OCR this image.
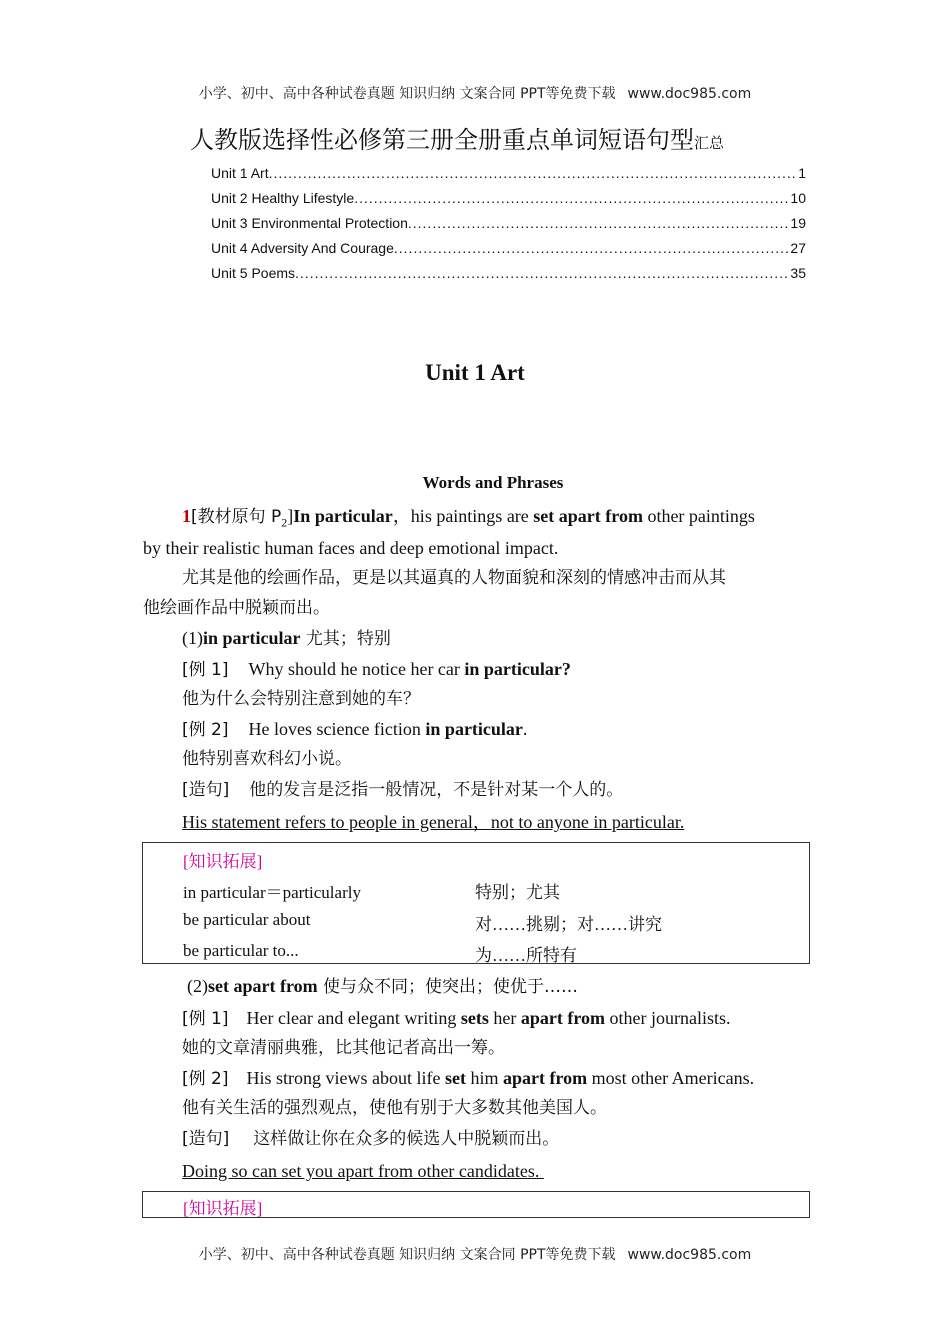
小学、初中、高中各种试卷真题 知识归纳 文案合同 PPT等免费下载 www.doc985.com
人教版选择性必修第三册全册重点单词短语句型汇总
Unit 1 Art .....	1
Unit 2 Healthy Lifestyle .....	10
Unit 3 Environmental Protection .....	19
Unit 4 Adversity And Courage .....	27
Unit 5 Poems .....	35
Unit 1 Art
Words and Phrases
1[教材原句 $P_2]In$ particular，his paintings are set apart from other paintings
by their realistic human faces and deep emotional impact.
尤其是他的绘画作品，更是以其逼真的人物面貌和深刻的情感冲击而从其
他绘画作品中脱颖而出。
(1)in particular 尤其；特别
[例 1] Why should he notice her car in particular?
他为什么会特别注意到她的车？
[例 2] He loves science fiction in particular.
他特别喜欢科幻小说。
[造句] 他的发言是泛指一般情况，不是针对某一个人的。
His statement refers to people in general，not to anyone in particular.
[知识拓展]
in particular＝particularly	特别；尤其
be particular about	对……挑剔；对……讲究
be particular to...	为……所特有
(2)set apart from 使与众不同；使突出；使优于……
[例 1] Her clear and elegant writing sets her apart from other journalists.
她的文章清丽典雅，比其他记者高出一筹。
[例 2] His strong views about life set him apart from most other Americans.
他有关生活的强烈观点，使他有别于大多数其他美国人。
[造句] 这样做让你在众多的候选人中脱颖而出。
Doing so can set you apart from other candidates.
[知识拓展]
小学、初中、高中各种试卷真题 知识归纳 文案合同 PPT等免费下载 www.doc985.com
